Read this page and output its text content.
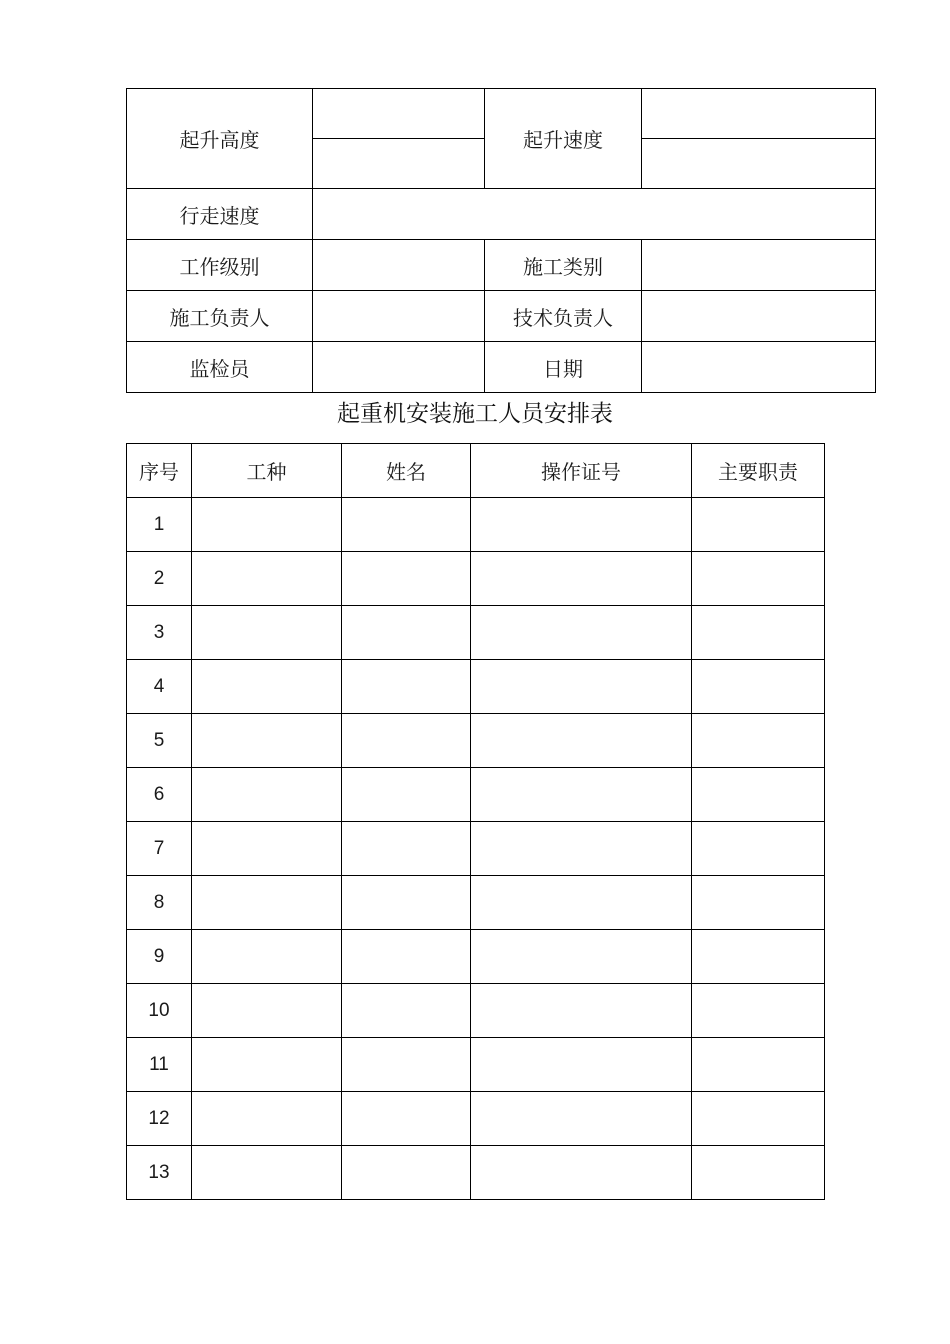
起升高度		起升速度	

行走速度			
工作级别		施工类别	
施工负责人		技术负责人	
监检员		日期	
起重机安装施工人员安排表
序号	工种	姓名	操作证号	主要职责
1				
2				
3				
4				
5				
6				
7				
8				
9				
10				
11				
12				
13				
